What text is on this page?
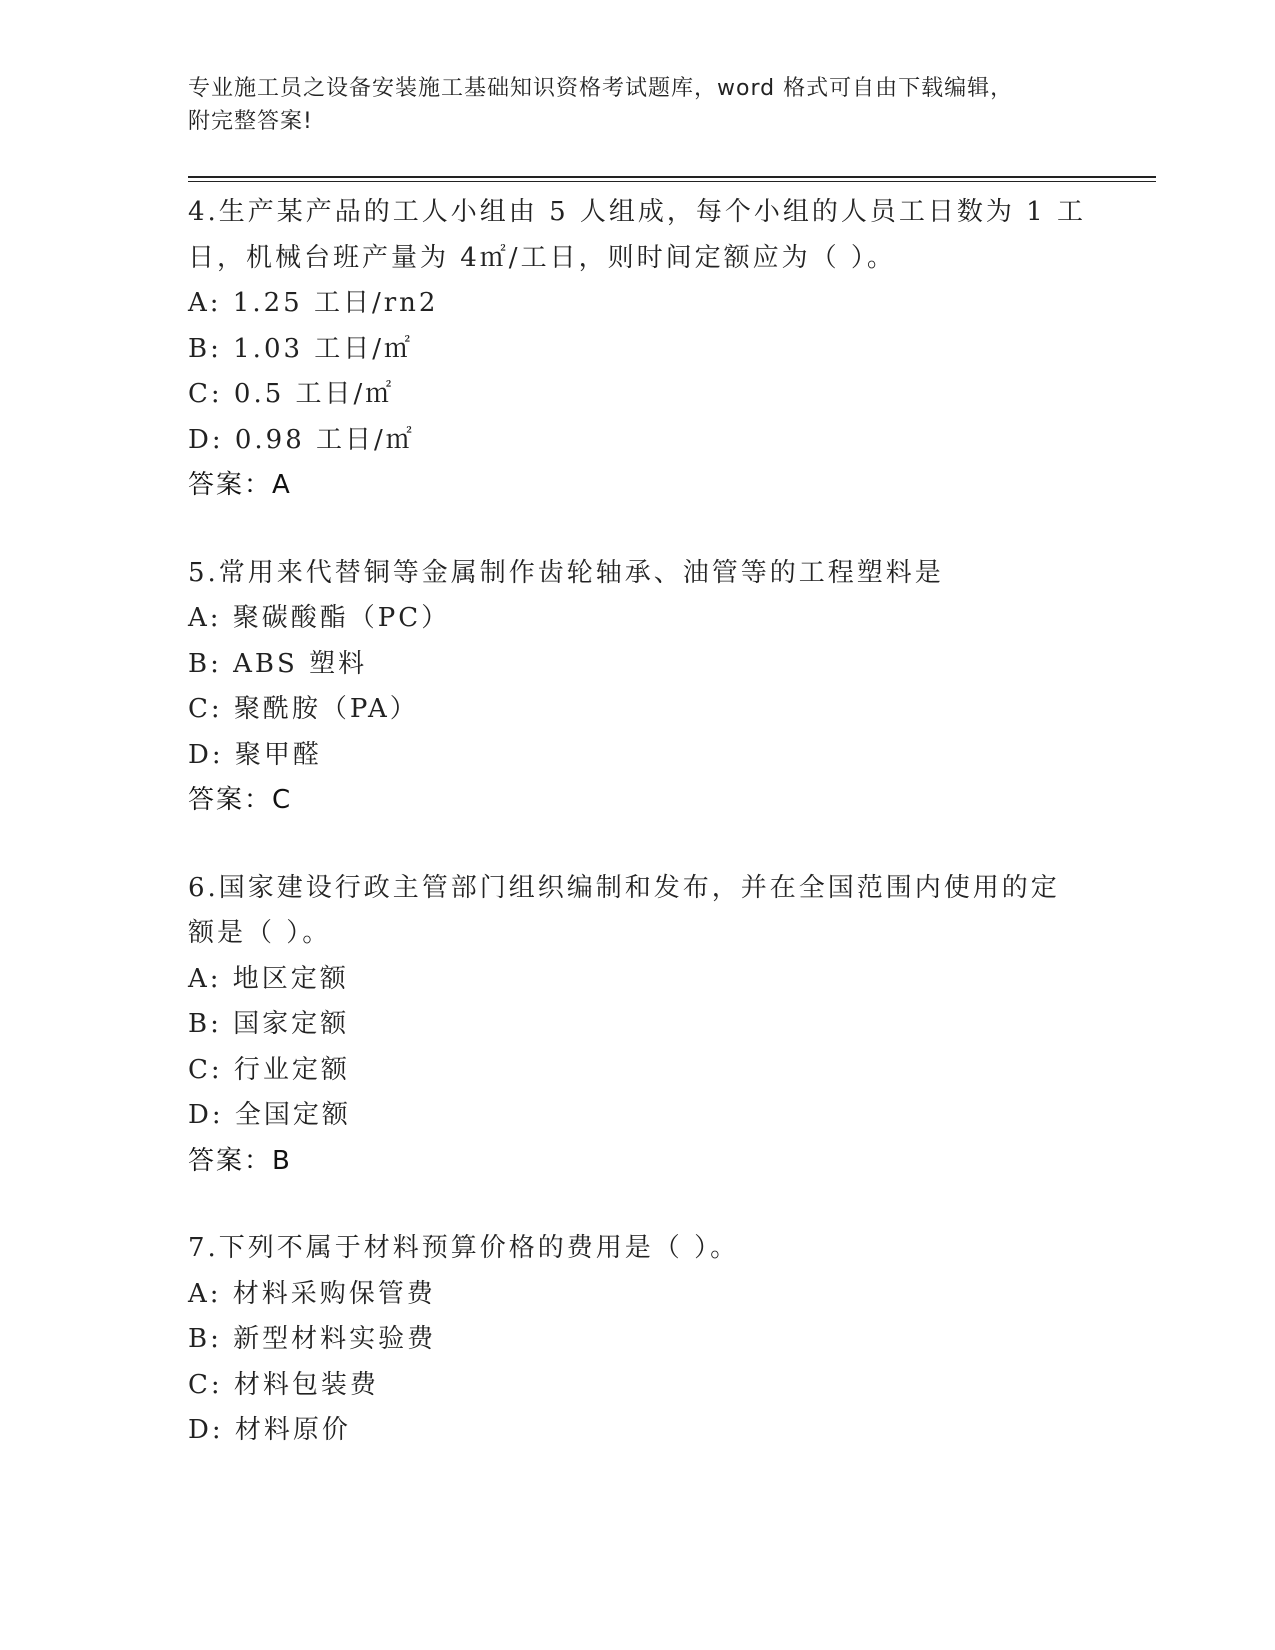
专业施工员之设备安装施工基础知识资格考试题库，word 格式可自由下载编辑，
附完整答案!
4.生产某产品的工人小组由 5 人组成，每个小组的人员工日数为 1 工
日，机械台班产量为 4㎡/工日，则时间定额应为（ ）。
A: 1.25 工日/rn2
B: 1.03 工日/㎡
C: 0.5 工日/㎡
D: 0.98 工日/㎡
答案：A
5.常用来代替铜等金属制作齿轮轴承、油管等的工程塑料是
A: 聚碳酸酯（PC）
B: ABS 塑料
C: 聚酰胺（PA）
D: 聚甲醛
答案：C
6.国家建设行政主管部门组织编制和发布，并在全国范围内使用的定
额是（ ）。
A: 地区定额
B: 国家定额
C: 行业定额
D: 全国定额
答案：B
7.下列不属于材料预算价格的费用是（ ）。
A: 材料采购保管费
B: 新型材料实验费
C: 材料包装费
D: 材料原价
